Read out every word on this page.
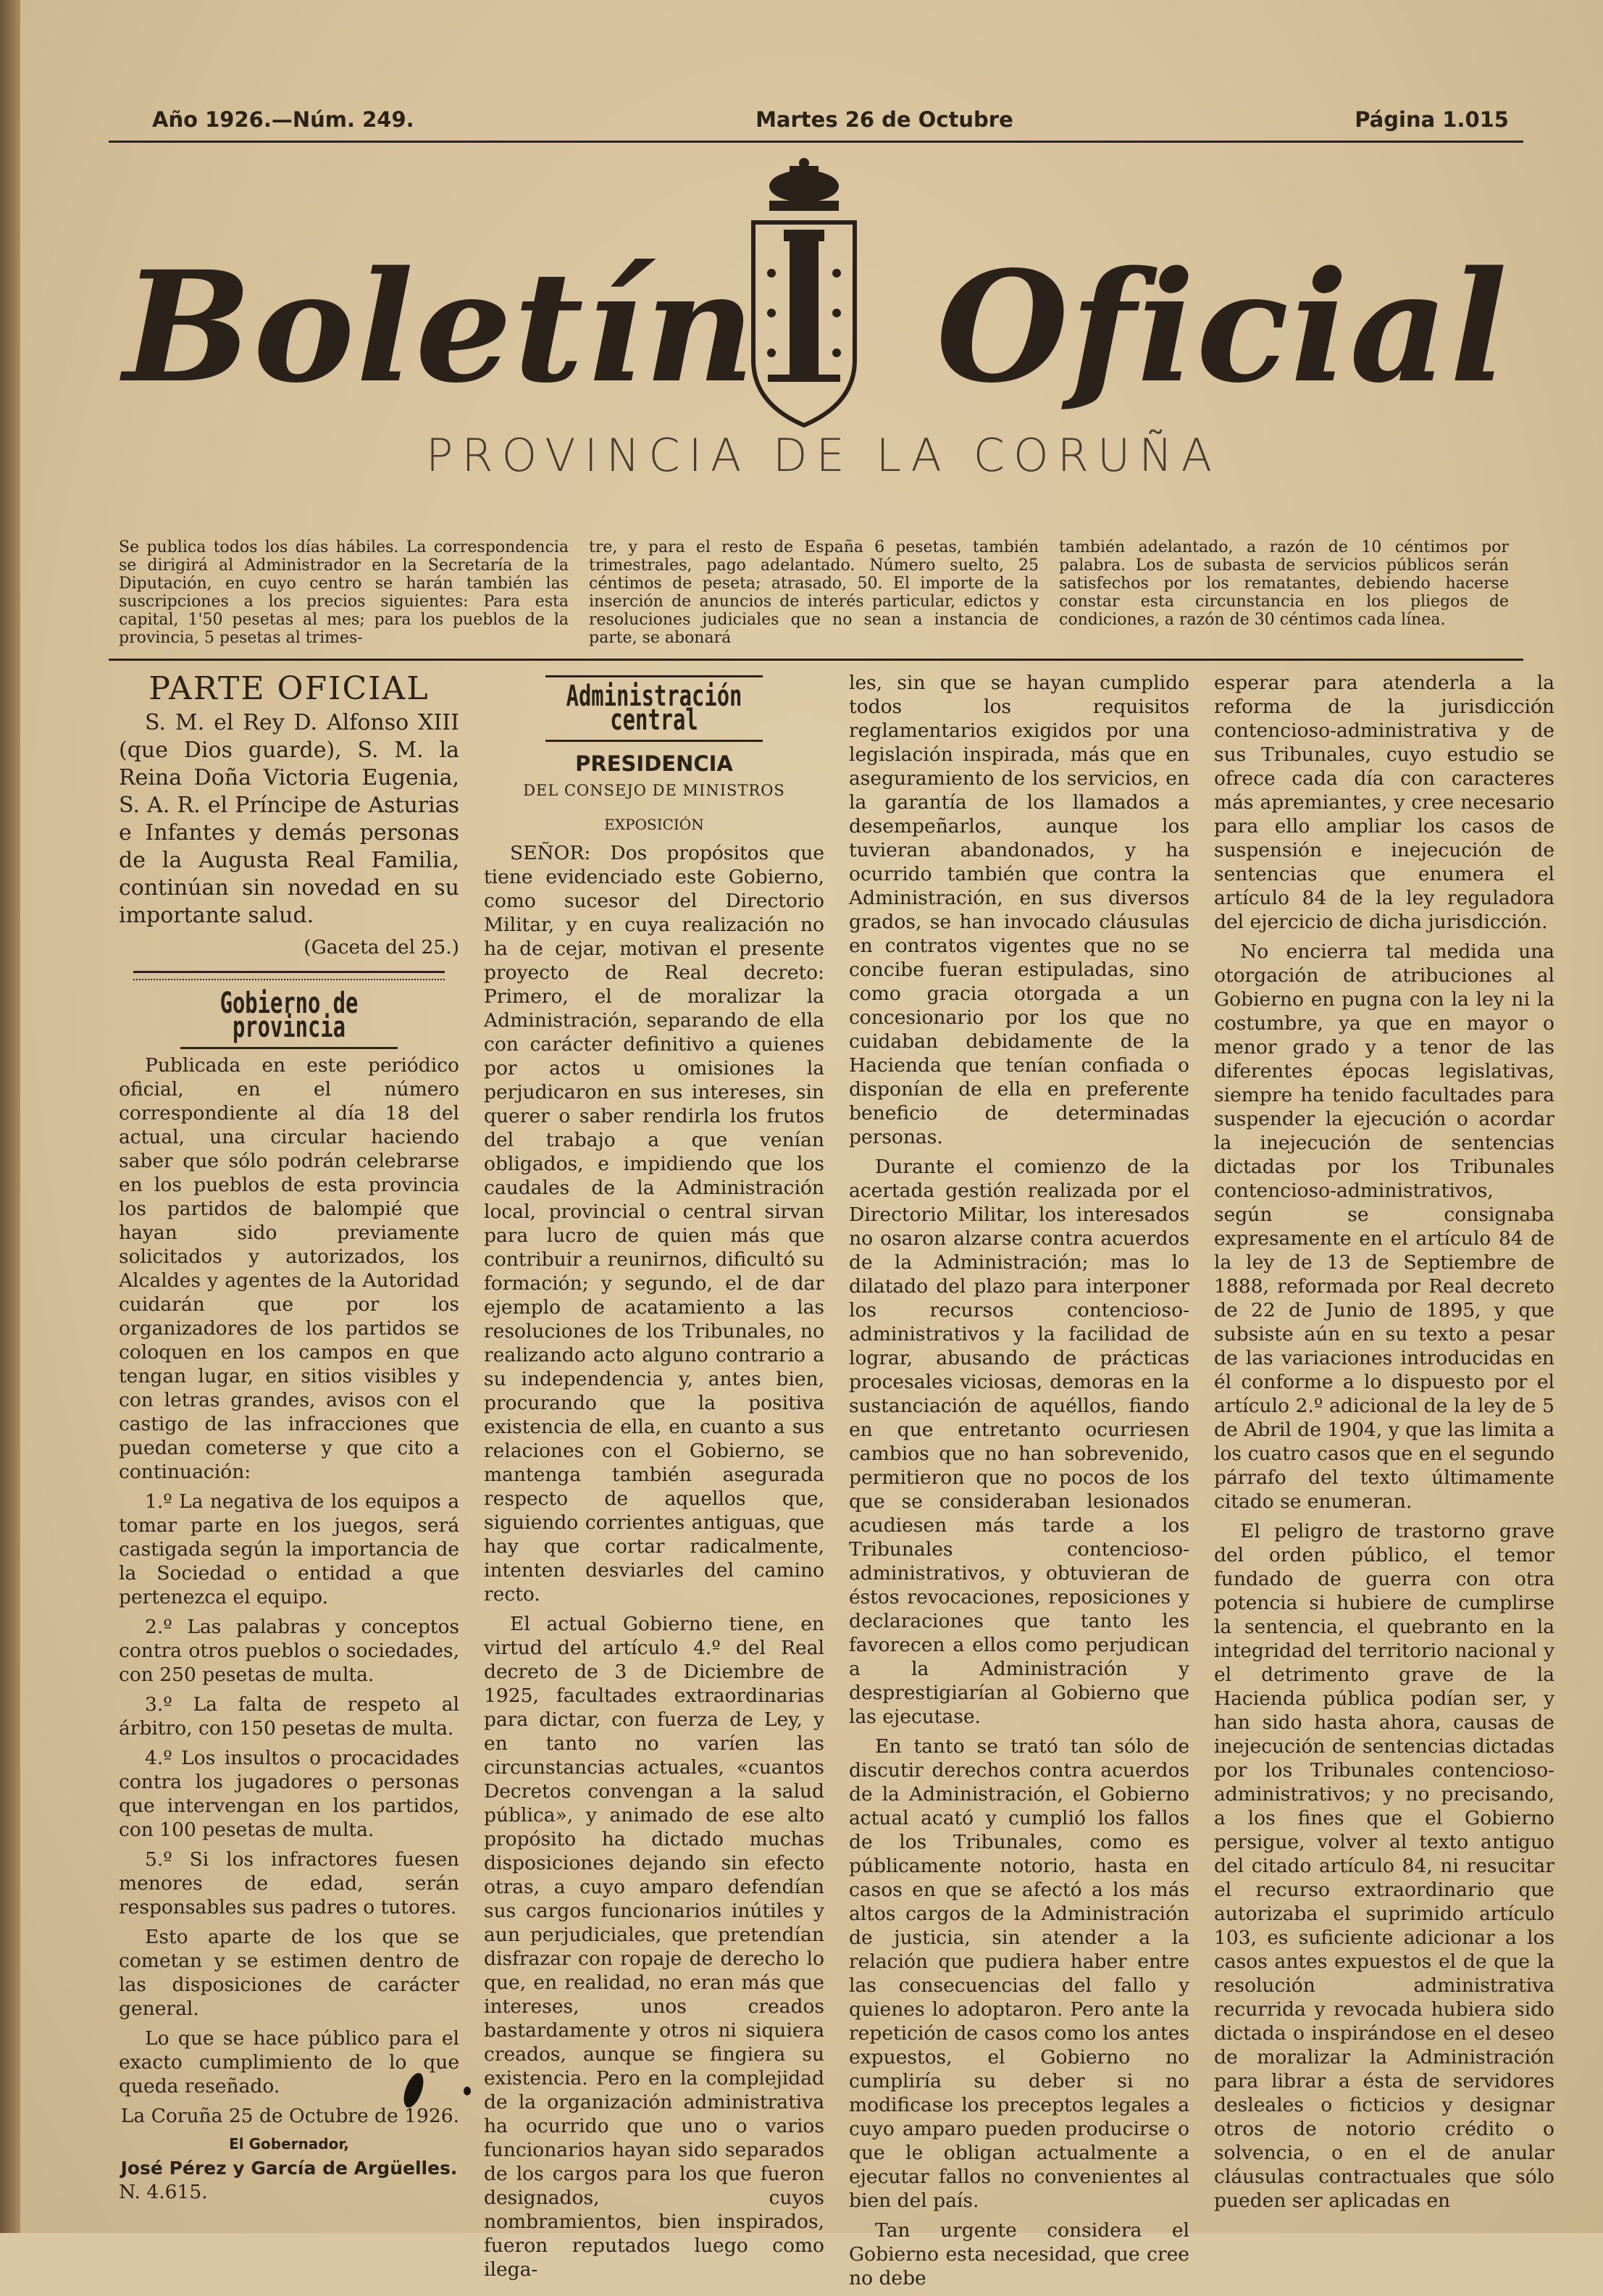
Año 1926.—Núm. 249.	Martes 26 de Octubre	Página 1.015
Boletín Oficial
PROVINCIA DE LA CORUÑA
Se publica todos los días hábiles. La correspondencia se dirigirá al Administrador en la Secretaría de la Diputación, en cuyo centro se harán también las suscripciones a los precios siguientes: Para esta capital, 1'50 pesetas al mes; para los pueblos de la provincia, 5 pesetas al trimes-
tre, y para el resto de España 6 pesetas, también trimestrales, pago adelantado. Número suelto, 25 céntimos de peseta; atrasado, 50. El importe de la inserción de anuncios de interés particular, edictos y resoluciones judiciales que no sean a instancia de parte, se abonará
también adelantado, a razón de 10 céntimos por palabra. Los de subasta de servicios públicos serán satisfechos por los rematantes, debiendo hacerse constar esta circunstancia en los pliegos de condiciones, a razón de 30 céntimos cada línea.
PARTE OFICIAL

S. M. el Rey D. Alfonso XIII (que Dios guarde), S. M. la Reina Doña Victoria Eugenia, S. A. R. el Príncipe de Asturias e Infantes y demás personas de la Augusta Real Familia, continúan sin novedad en su importante salud.

(Gaceta del 25.)
Gobierno de provincia

Publicada en este periódico oficial, en el número correspondiente al día 18 del actual, una circular haciendo saber que sólo podrán celebrarse en los pueblos de esta provincia los partidos de balompié que hayan sido previamente solicitados y autorizados, los Alcaldes y agentes de la Autoridad cuidarán que por los organizadores de los partidos se coloquen en los campos en que tengan lugar, en sitios visibles y con letras grandes, avisos con el castigo de las infracciones que puedan cometerse y que cito a continuación:

1.º La negativa de los equipos a tomar parte en los juegos, será castigada según la importancia de la Sociedad o entidad a que pertenezca el equipo.

2.º Las palabras y conceptos contra otros pueblos o sociedades, con 250 pesetas de multa.

3.º La falta de respeto al árbitro, con 150 pesetas de multa.

4.º Los insultos o procacidades contra los jugadores o personas que intervengan en los partidos, con 100 pesetas de multa.

5.º Si los infractores fuesen menores de edad, serán responsables sus padres o tutores.

Esto aparte de los que se cometan y se estimen dentro de las disposiciones de carácter general.

Lo que se hace público para el exacto cumplimiento de lo que queda reseñado.

La Coruña 25 de Octubre de 1926.
El Gobernador,
José Pérez y García de Argüelles.
N. 4.615.
Administración central
PRESIDENCIA
DEL CONSEJO DE MINISTROS
EXPOSICIÓN

SEÑOR: Dos propósitos que tiene evidenciado este Gobierno, como sucesor del Directorio Militar, y en cuya realización no ha de cejar, motivan el presente proyecto de Real decreto: Primero, el de moralizar la Administración, separando de ella con carácter definitivo a quienes por actos u omisiones la perjudicaron en sus intereses, sin querer o saber rendirla los frutos del trabajo a que venían obligados, e impidiendo que los caudales de la Administración local, provincial o central sirvan para lucro de quien más que contribuir a reunirnos, dificultó su formación; y segundo, el de dar ejemplo de acatamiento a las resoluciones de los Tribunales, no realizando acto alguno contrario a su independencia y, antes bien, procurando que la positiva existencia de ella, en cuanto a sus relaciones con el Gobierno, se mantenga también asegurada respecto de aquellos que, siguiendo corrientes antiguas, que hay que cortar radicalmente, intenten desviarles del camino recto.

El actual Gobierno tiene, en virtud del artículo 4.º del Real decreto de 3 de Diciembre de 1925, facultades extraordinarias para dictar, con fuerza de Ley, y en tanto no varíen las circunstancias actuales, «cuantos Decretos convengan a la salud pública», y animado de ese alto propósito ha dictado muchas disposiciones dejando sin efecto otras, a cuyo amparo defendían sus cargos funcionarios inútiles y aun perjudiciales, que pretendían disfrazar con ropaje de derecho lo que, en realidad, no eran más que intereses, unos creados bastardamente y otros ni siquiera creados, aunque se fingiera su existencia. Pero en la complejidad de la organización administrativa ha ocurrido que uno o varios funcionarios hayan sido separados de los cargos para los que fueron designados, cuyos nombramientos, bien inspirados, fueron reputados luego como ilega-

les, sin que se hayan cumplido todos los requisitos reglamentarios exigidos por una legislación inspirada, más que en aseguramiento de los servicios, en la garantía de los llamados a desempeñarlos, aunque los tuvieran abandonados, y ha ocurrido también que contra la Administración, en sus diversos grados, se han invocado cláusulas en contratos vigentes que no se concibe fueran estipuladas, sino como gracia otorgada a un concesionario por los que no cuidaban debidamente de la Hacienda que tenían confiada o disponían de ella en preferente beneficio de determinadas personas.

Durante el comienzo de la acertada gestión realizada por el Directorio Militar, los interesados no osaron alzarse contra acuerdos de la Administración; mas lo dilatado del plazo para interponer los recursos contencioso-administrativos y la facilidad de lograr, abusando de prácticas procesales viciosas, demoras en la sustanciación de aquéllos, fiando en que entretanto ocurriesen cambios que no han sobrevenido, permitieron que no pocos de los que se consideraban lesionados acudiesen más tarde a los Tribunales contencioso-administrativos, y obtuvieran de éstos revocaciones, reposiciones y declaraciones que tanto les favorecen a ellos como perjudican a la Administración y desprestigiarían al Gobierno que las ejecutase.

En tanto se trató tan sólo de discutir derechos contra acuerdos de la Administración, el Gobierno actual acató y cumplió los fallos de los Tribunales, como es públicamente notorio, hasta en casos en que se afectó a los más altos cargos de la Administración de justicia, sin atender a la relación que pudiera haber entre las consecuencias del fallo y quienes lo adoptaron. Pero ante la repetición de casos como los antes expuestos, el Gobierno no cumpliría su deber si no modificase los preceptos legales a cuyo amparo pueden producirse o que le obligan actualmente a ejecutar fallos no convenientes al bien del país.

Tan urgente considera el Gobierno esta necesidad, que cree no debe

esperar para atenderla a la reforma de la jurisdicción contencioso-administrativa y de sus Tribunales, cuyo estudio se ofrece cada día con caracteres más apremiantes, y cree necesario para ello ampliar los casos de suspensión e inejecución de sentencias que enumera el artículo 84 de la ley reguladora del ejercicio de dicha jurisdicción.

No encierra tal medida una otorgación de atribuciones al Gobierno en pugna con la ley ni la costumbre, ya que en mayor o menor grado y a tenor de las diferentes épocas legislativas, siempre ha tenido facultades para suspender la ejecución o acordar la inejecución de sentencias dictadas por los Tribunales contencioso-administrativos, según se consignaba expresamente en el artículo 84 de la ley de 13 de Septiembre de 1888, reformada por Real decreto de 22 de Junio de 1895, y que subsiste aún en su texto a pesar de las variaciones introducidas en él conforme a lo dispuesto por el artículo 2.º adicional de la ley de 5 de Abril de 1904, y que las limita a los cuatro casos que en el segundo párrafo del texto últimamente citado se enumeran.

El peligro de trastorno grave del orden público, el temor fundado de guerra con otra potencia si hubiere de cumplirse la sentencia, el quebranto en la integridad del territorio nacional y el detrimento grave de la Hacienda pública podían ser, y han sido hasta ahora, causas de inejecución de sentencias dictadas por los Tribunales contencioso-administrativos; y no precisando, a los fines que el Gobierno persigue, volver al texto antiguo del citado artículo 84, ni resucitar el recurso extraordinario que autorizaba el suprimido artículo 103, es suficiente adicionar a los casos antes expuestos el de que la resolución administrativa recurrida y revocada hubiera sido dictada o inspirándose en el deseo de moralizar la Administración para librar a ésta de servidores desleales o ficticios y designar otros de notorio crédito o solvencia, o en el de anular cláusulas contractuales que sólo pueden ser aplicadas en
